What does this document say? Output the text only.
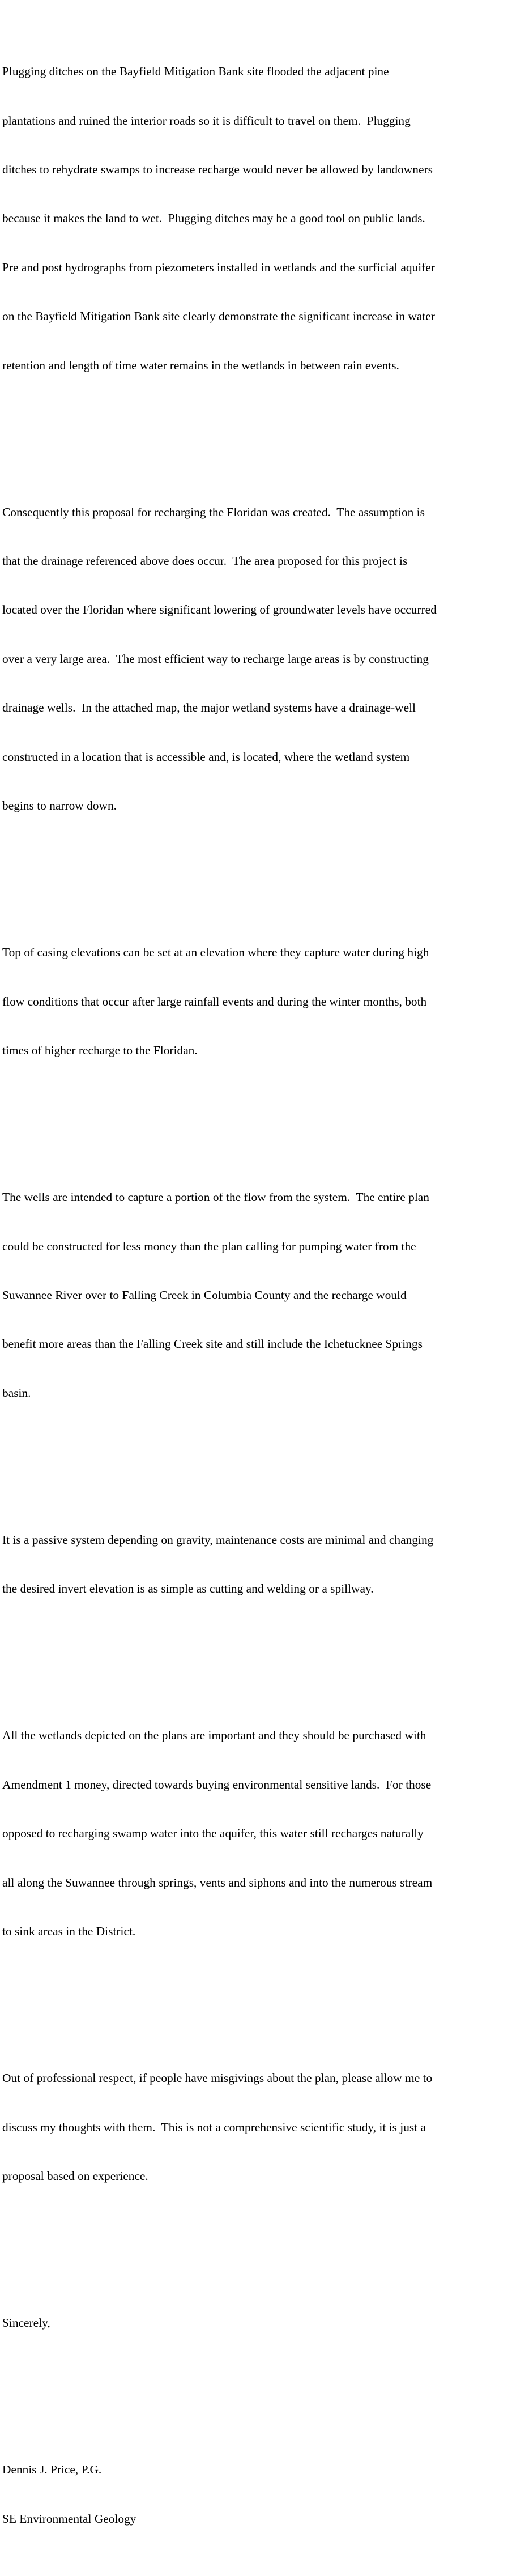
Plugging ditches on the Bayfield Mitigation Bank site flooded the adjacent pine

plantations and ruined the interior roads so it is difficult to travel on them.  Plugging

ditches to rehydrate swamps to increase recharge would never be allowed by landowners

because it makes the land to wet.  Plugging ditches may be a good tool on public lands.

Pre and post hydrographs from piezometers installed in wetlands and the surficial aquifer

on the Bayfield Mitigation Bank site clearly demonstrate the significant increase in water

retention and length of time water remains in the wetlands in between rain events.

Consequently this proposal for recharging the Floridan was created.  The assumption is

that the drainage referenced above does occur.  The area proposed for this project is

located over the Floridan where significant lowering of groundwater levels have occurred

over a very large area.  The most efficient way to recharge large areas is by constructing

drainage wells.  In the attached map, the major wetland systems have a drainage-well

constructed in a location that is accessible and, is located, where the wetland system

begins to narrow down.

Top of casing elevations can be set at an elevation where they capture water during high

flow conditions that occur after large rainfall events and during the winter months, both

times of higher recharge to the Floridan.

The wells are intended to capture a portion of the flow from the system.  The entire plan

could be constructed for less money than the plan calling for pumping water from the

Suwannee River over to Falling Creek in Columbia County and the recharge would

benefit more areas than the Falling Creek site and still include the Ichetucknee Springs

basin.

It is a passive system depending on gravity, maintenance costs are minimal and changing

the desired invert elevation is as simple as cutting and welding or a spillway.

All the wetlands depicted on the plans are important and they should be purchased with

Amendment 1 money, directed towards buying environmental sensitive lands.  For those

opposed to recharging swamp water into the aquifer, this water still recharges naturally

all along the Suwannee through springs, vents and siphons and into the numerous stream

to sink areas in the District.

Out of professional respect, if people have misgivings about the plan, please allow me to

discuss my thoughts with them.  This is not a comprehensive scientific study, it is just a

proposal based on experience.

Sincerely,

Dennis J. Price, P.G.

SE Environmental Geology
